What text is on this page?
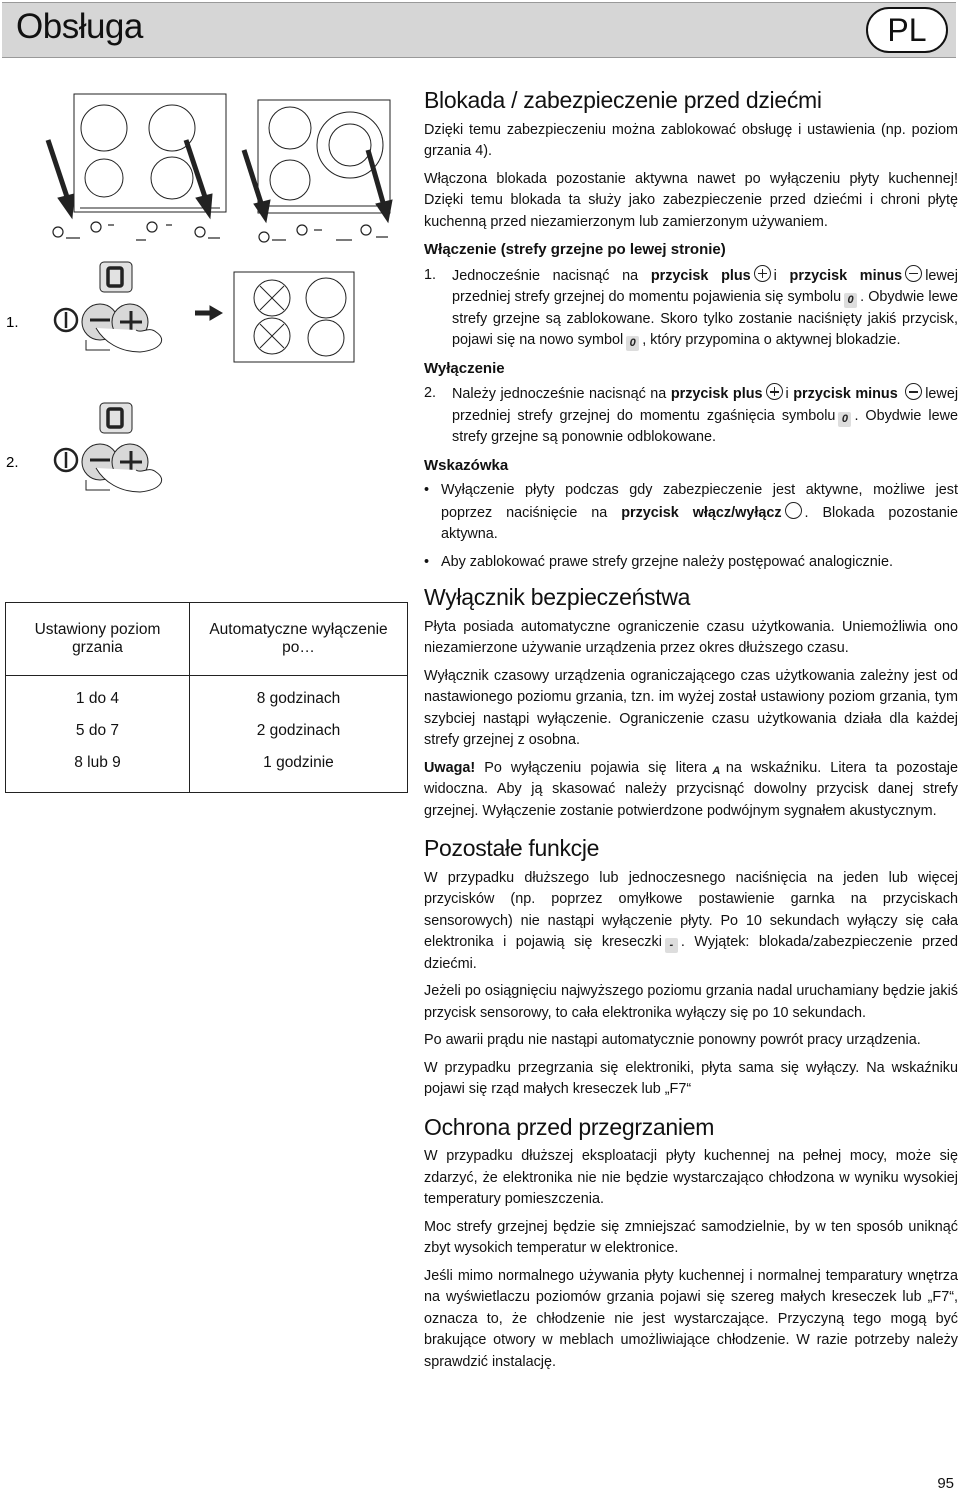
Obsługa	PL
1.
2.
Ustawiony poziom grzania	Automatyczne wyłączenie po…
1 do 4	8 godzinach
5 do 7	2 godzinach
8 lub 9	1 godzinie
Blokada / zabezpieczenie przed dziećmi

Dzięki temu zabezpieczeniu można zablokować obsługę i ustawienia (np. poziom grzania 4).

Włączona blokada pozostanie aktywna nawet po wyłączeniu płyty kuchennej! Dzięki temu blokada ta służy jako zabezpieczenie przed dziećmi i chroni płytę kuchenną przed niezamierzonym lub zamierzonym używaniem.

Włączenie (strefy grzejne po lewej stronie)
1.	Jednocześnie nacisnąć na przycisk plus i przycisk minus lewej przedniej strefy grzejnej do momentu pojawienia się symbolu 0 . Obydwie lewe strefy grzejne są zablokowane. Skoro tylko zostanie naciśnięty jakiś przycisk, pojawi się na nowo symbol 0 , który przypomina o aktywnej blokadzie.
Wyłączenie
2.	Należy jednocześnie nacisnąć na przycisk plus i przycisk minus lewej przedniej strefy grzejnej do momentu zgaśnięcia symbolu 0 . Obydwie lewe strefy grzejne są ponownie odblokowane.
Wskazówka
• Wyłączenie płyty podczas gdy zabezpieczenie jest aktywne, możliwe jest poprzez naciśnięcie na przycisk włącz/wyłącz . Blokada pozostanie aktywna.
• Aby zablokować prawe strefy grzejne należy postępować analogicznie.
Wyłącznik bezpieczeństwa

Płyta posiada automatyczne ograniczenie czasu użytkowania. Uniemożliwia ono niezamierzone używanie urządzenia przez okres dłuższego czasu.

Wyłącznik czasowy urządzenia ograniczającego czas użytkowania zależny jest od nastawionego poziomu grzania, tzn. im wyżej został ustawiony poziom grzania, tym szybciej nastąpi wyłączenie. Ograniczenie czasu użytkowania działa dla każdej strefy grzejnej z osobna.

Uwaga! Po wyłączeniu pojawia się litera A na wskaźniku. Litera ta pozostaje widoczna. Aby ją skasować należy przycisnąć dowolny przycisk danej strefy grzejnej. Wyłączenie zostanie potwierdzone podwójnym sygnałem akustycznym.

Pozostałe funkcje

W przypadku dłuższego lub jednoczesnego naciśnięcia na jeden lub więcej przycisków (np. poprzez omyłkowe postawienie garnka na przyciskach sensorowych) nie nastąpi wyłączenie płyty. Po 10 sekundach wyłączy się cała elektronika i pojawią się kreseczki - . Wyjątek: blokada/zabezpieczenie przed dziećmi.

Jeżeli po osiągnięciu najwyższego poziomu grzania nadal uruchamiany będzie jakiś przycisk sensorowy, to cała elektronika wyłączy się po 10 sekundach.

Po awarii prądu nie nastąpi automatycznie ponowny powrót pracy urządzenia.

W przypadku przegrzania się elektroniki, płyta sama się wyłączy. Na wskaźniku pojawi się rząd małych kreseczek lub „F7“

Ochrona przed przegrzaniem

W przypadku dłuższej eksploatacji płyty kuchennej na pełnej mocy, może się zdarzyć, że elektronika nie nie będzie wystarczająco chłodzona w wyniku wysokiej temperatury pomieszczenia.

Moc strefy grzejnej będzie się zmniejszać samodzielnie, by w ten sposób uniknąć zbyt wysokich temperatur w elektronice.

Jeśli mimo normalnego używania płyty kuchennej i normalnej temparatury wnętrza na wyświetlaczu poziomów grzania pojawi się szereg małych kreseczek lub „F7“, oznacza to, że chłodzenie nie jest wystarczające. Przyczyną tego mogą być brakujące otwory w meblach umożliwiające chłodzenie. W razie potrzeby należy sprawdzić instalację.

95
